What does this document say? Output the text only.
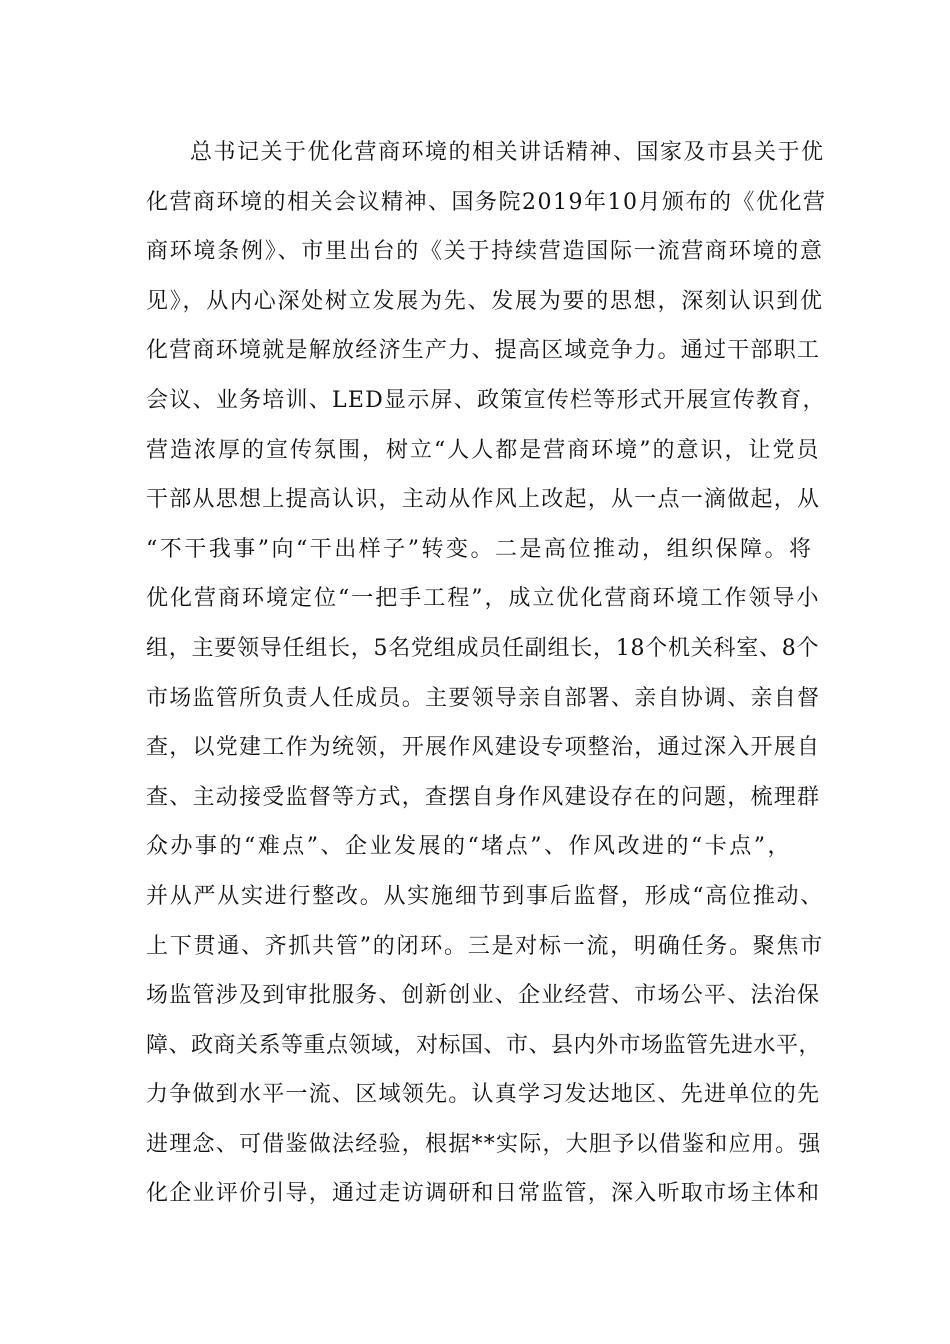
总书记关于优化营商环境的相关讲话精神、国家及市县关于优
化营商环境的相关会议精神、国务院2019年10月颁布的《优化营
商环境条例》、市里出台的《关于持续营造国际一流营商环境的意
见》，从内心深处树立发展为先、发展为要的思想，深刻认识到优
化营商环境就是解放经济生产力、提高区域竞争力。通过干部职工
会议、业务培训、LED显示屏、政策宣传栏等形式开展宣传教育，
营造浓厚的宣传氛围，树立“人人都是营商环境”的意识，让党员
干部从思想上提高认识，主动从作风上改起，从一点一滴做起，从
“不干我事”向“干出样子”转变。二是高位推动，组织保障。将
优化营商环境定位“一把手工程”，成立优化营商环境工作领导小
组，主要领导任组长，5名党组成员任副组长，18个机关科室、8个
市场监管所负责人任成员。主要领导亲自部署、亲自协调、亲自督
查，以党建工作为统领，开展作风建设专项整治，通过深入开展自
查、主动接受监督等方式，查摆自身作风建设存在的问题，梳理群
众办事的“难点”、企业发展的“堵点”、作风改进的“卡点”，
并从严从实进行整改。从实施细节到事后监督，形成“高位推动、
上下贯通、齐抓共管”的闭环。三是对标一流，明确任务。聚焦市
场监管涉及到审批服务、创新创业、企业经营、市场公平、法治保
障、政商关系等重点领域，对标国、市、县内外市场监管先进水平，
力争做到水平一流、区域领先。认真学习发达地区、先进单位的先
进理念、可借鉴做法经验，根据**实际，大胆予以借鉴和应用。强
化企业评价引导，通过走访调研和日常监管，深入听取市场主体和
